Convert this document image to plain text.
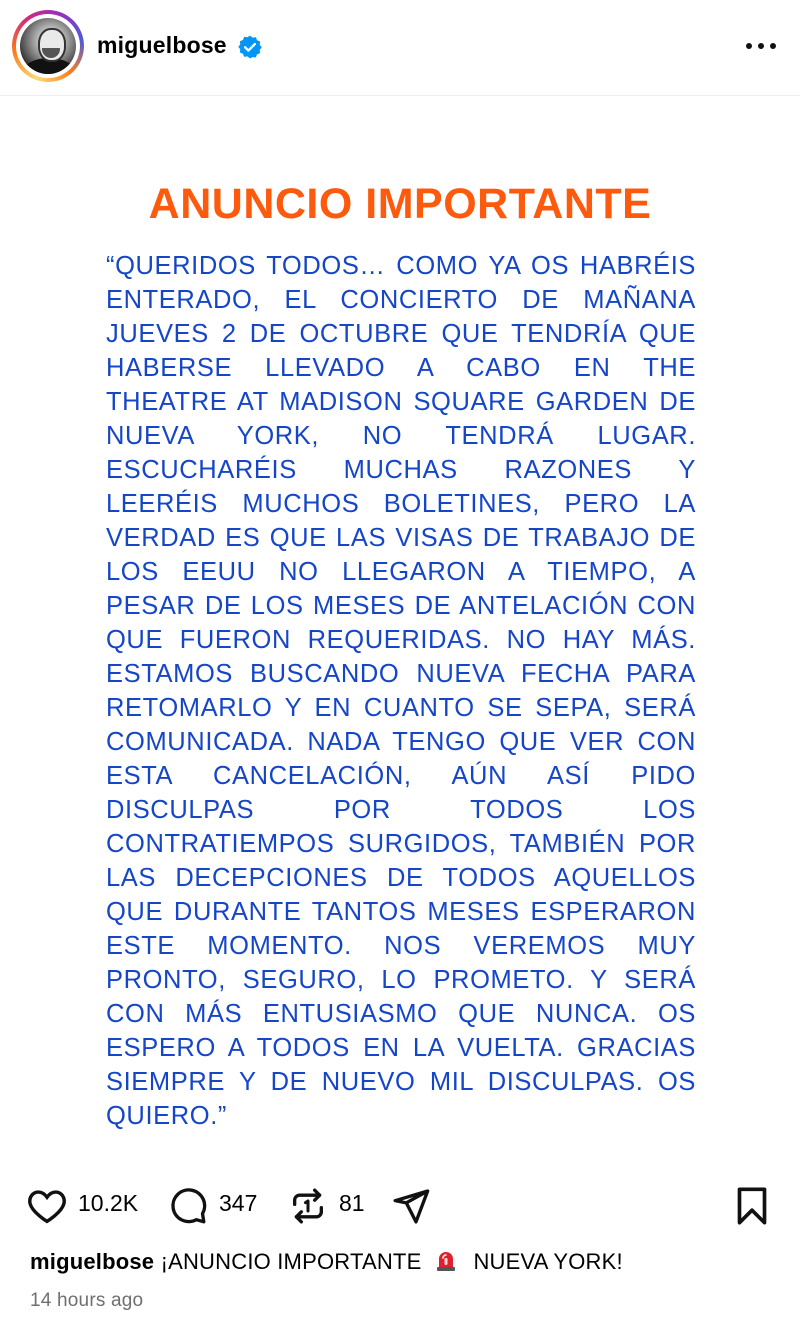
miguelbose
ANUNCIO IMPORTANTE
“QUERIDOS TODOS… COMO YA OS HABRÉIS ENTERADO, EL CONCIERTO DE MAÑANA JUEVES 2 DE OCTUBRE QUE TENDRÍA QUE HABERSE LLEVADO A CABO EN THE THEATRE AT MADISON SQUARE GARDEN DE NUEVA YORK, NO TENDRÁ LUGAR. ESCUCHARÉIS MUCHAS RAZONES Y LEERÉIS MUCHOS BOLETINES, PERO LA VERDAD ES QUE LAS VISAS DE TRABAJO DE LOS EEUU NO LLEGARON A TIEMPO, A PESAR DE LOS MESES DE ANTELACIÓN CON QUE FUERON REQUERIDAS. NO HAY MÁS. ESTAMOS BUSCANDO NUEVA FECHA PARA RETOMARLO Y EN CUANTO SE SEPA, SERÁ COMUNICADA. NADA TENGO QUE VER CON ESTA CANCELACIÓN, AÚN ASÍ PIDO DISCULPAS POR TODOS LOS CONTRATIEMPOS SURGIDOS, TAMBIÉN POR LAS DECEPCIONES DE TODOS AQUELLOS QUE DURANTE TANTOS MESES ESPERARON ESTE MOMENTO. NOS VEREMOS MUY PRONTO, SEGURO, LO PROMETO. Y SERÁ CON MÁS ENTUSIASMO QUE NUNCA. OS ESPERO A TODOS EN LA VUELTA. GRACIAS SIEMPRE Y DE NUEVO MIL DISCULPAS. OS QUIERO.”
10.2K	347	81
miguelbose ¡ANUNCIO IMPORTANTE NUEVA YORK!
14 hours ago
